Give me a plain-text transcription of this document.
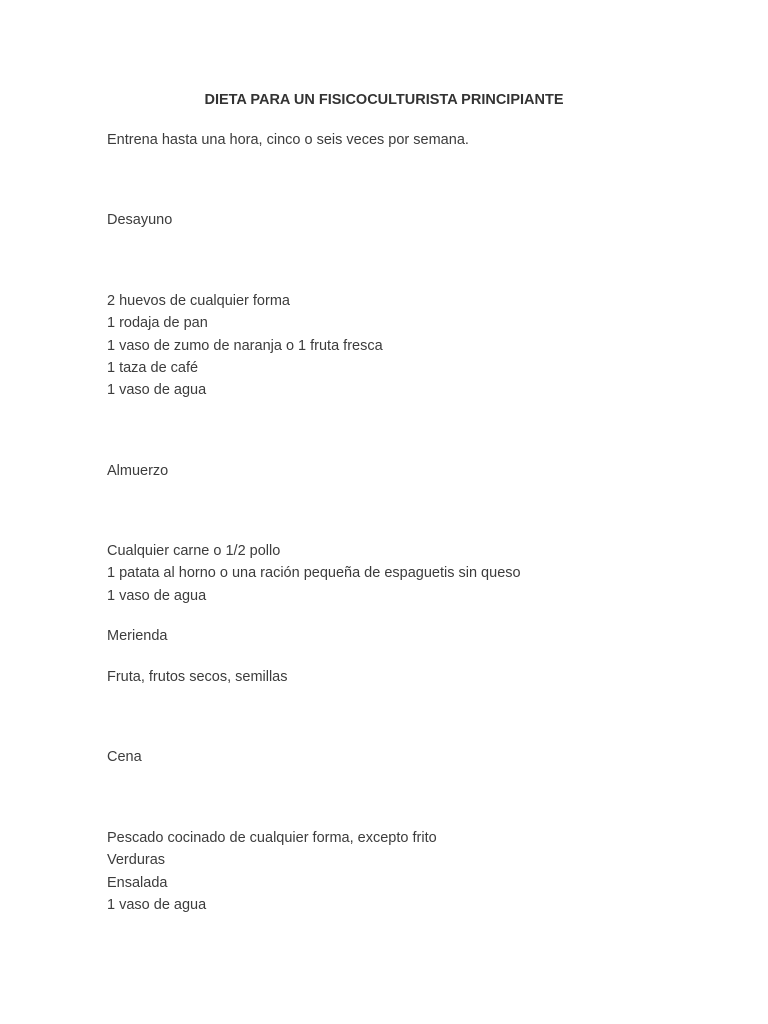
DIETA PARA UN FISICOCULTURISTA PRINCIPIANTE

Entrena hasta una hora, cinco o seis veces por semana.

Desayuno

2 huevos de cualquier forma
1 rodaja de pan
1 vaso de zumo de naranja o 1 fruta fresca
1 taza de café
1 vaso de agua

Almuerzo

Cualquier carne o 1/2 pollo
1 patata al horno o una ración pequeña de espaguetis sin queso
1 vaso de agua

Merienda

Fruta, frutos secos, semillas

Cena

Pescado cocinado de cualquier forma, excepto frito
Verduras
Ensalada
1 vaso de agua
